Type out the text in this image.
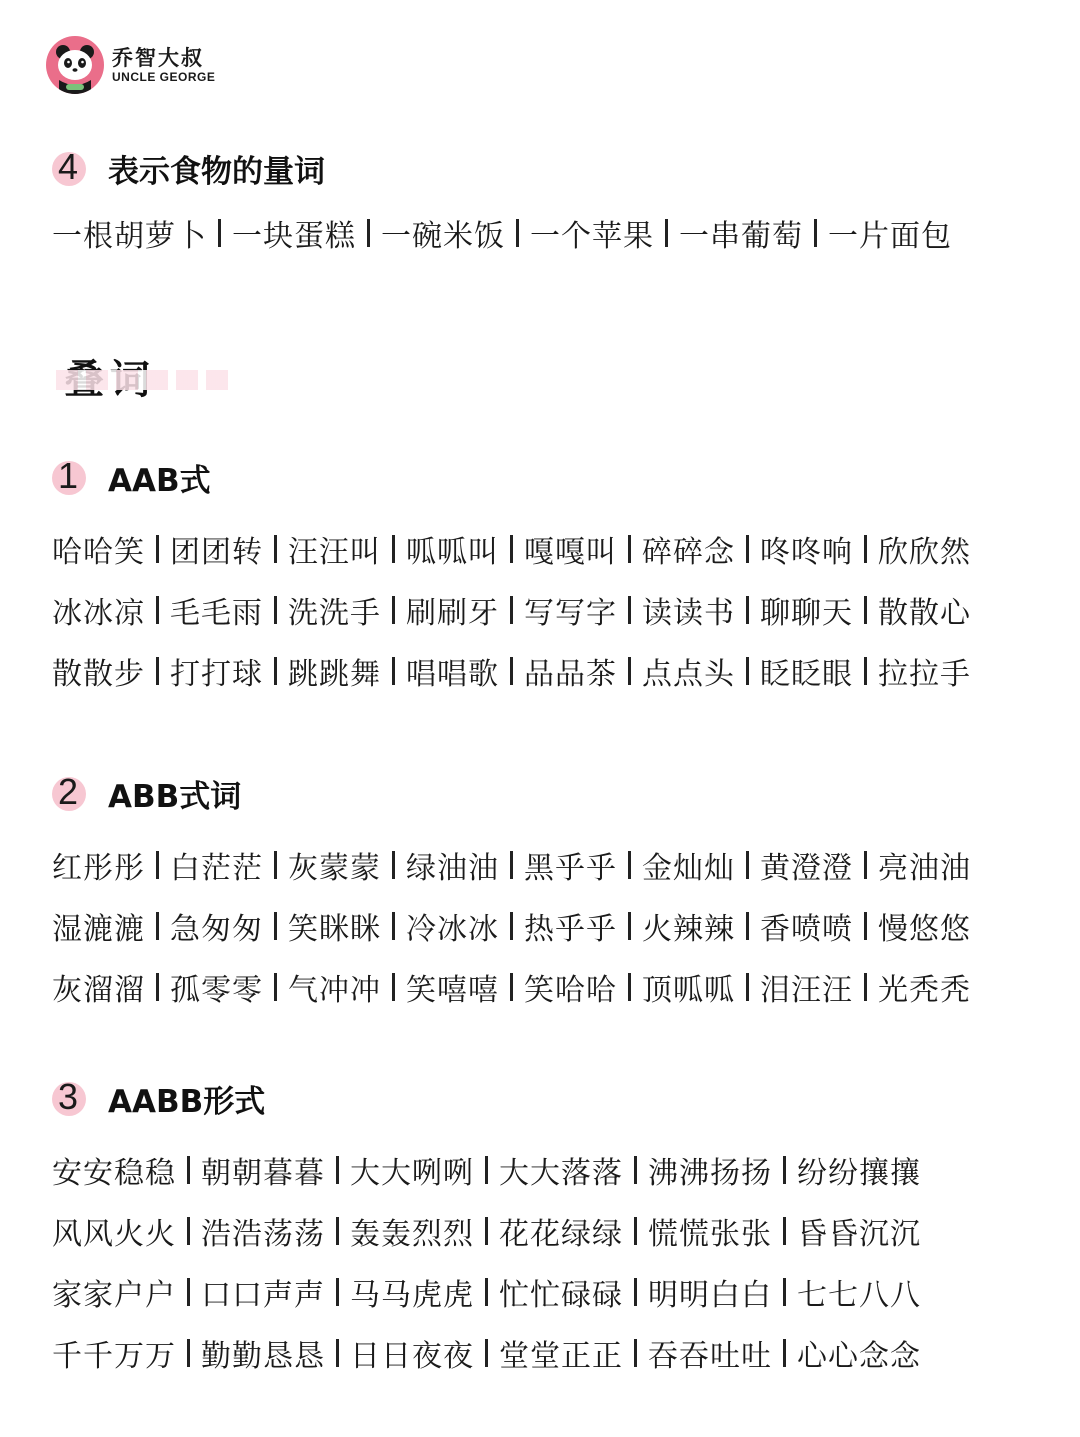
乔智大叔
UNCLE GEORGE
4 表示食物的量词
一根胡萝卜 一块蛋糕 一碗米饭 一个苹果 一串葡萄 一片面包
1 AAB式
哈哈笑 团团转 汪汪叫 呱呱叫 嘎嘎叫 碎碎念 咚咚响 欣欣然
冰冰凉 毛毛雨 洗洗手 刷刷牙 写写字 读读书 聊聊天 散散心
散散步 打打球 跳跳舞 唱唱歌 品品茶 点点头 眨眨眼 拉拉手
2 ABB式词
红彤彤 白茫茫 灰蒙蒙 绿油油 黑乎乎 金灿灿 黄澄澄 亮油油
湿漉漉 急匆匆 笑眯眯 冷冰冰 热乎乎 火辣辣 香喷喷 慢悠悠
灰溜溜 孤零零 气冲冲 笑嘻嘻 笑哈哈 顶呱呱 泪汪汪 光秃秃
3 AABB形式
安安稳稳 朝朝暮暮 大大咧咧 大大落落 沸沸扬扬 纷纷攘攘
风风火火 浩浩荡荡 轰轰烈烈 花花绿绿 慌慌张张 昏昏沉沉
家家户户 口口声声 马马虎虎 忙忙碌碌 明明白白 七七八八
千千万万 勤勤恳恳 日日夜夜 堂堂正正 吞吞吐吐 心心念念
